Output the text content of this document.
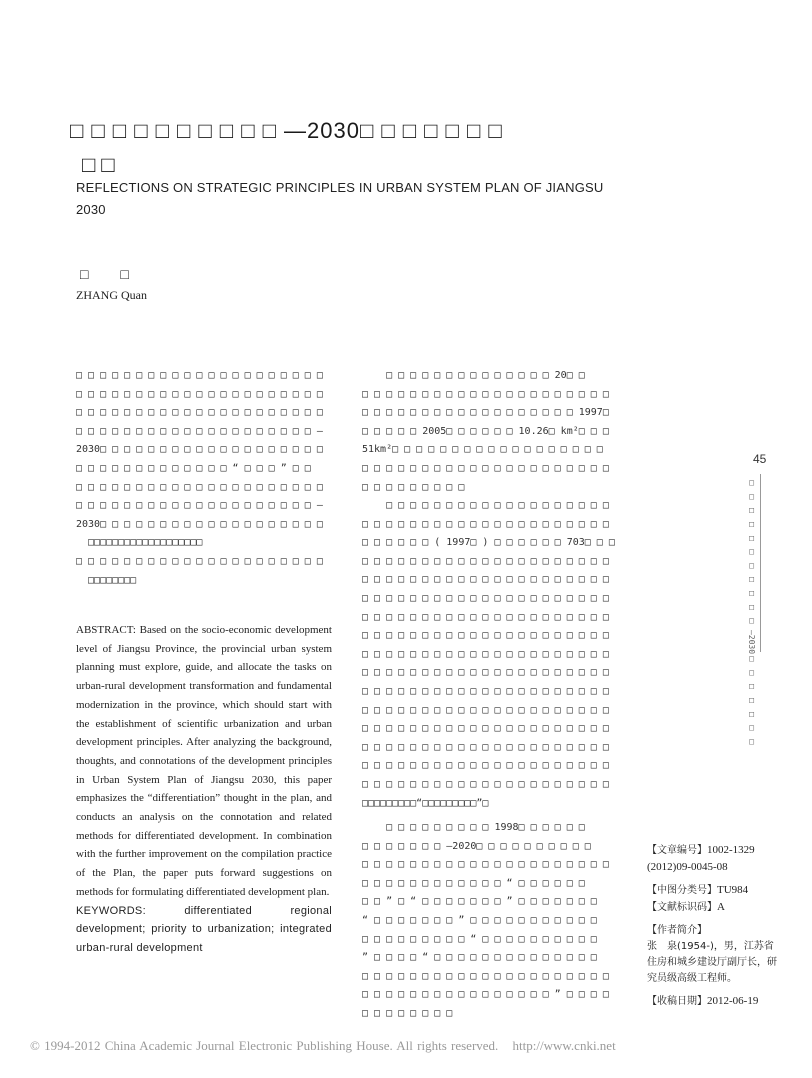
□ □ □ □ □ □ □ □ □ □ —2030□ □ □ □ □ □ □
□□
REFLECTIONS ON STRATEGIC PRINCIPLES IN URBAN SYSTEM PLAN OF JIANGSU 2030
□ □
ZHANG Quan
□ □ □ □ □ □ □ □ □ □ □ □ □ □ □ □ □ □ □ □ □
□ □ □ □ □ □ □ □ □ □ □ □ □ □ □ □ □ □ □ □ □
□ □ □ □ □ □ □ □ □ □ □ □ □ □ □ □ □ □ □ □ □
□ □ □ □ □ □ □ □ □ □ □ □ □ □ □ □ □ □ □ □ —
2030□ □ □ □ □ □ □ □ □ □ □ □ □ □ □ □ □ □ □
□ □ □ □ □ □ □ □ □ □ □ □ □ “ □ □ □ ” □ □
□ □ □ □ □ □ □ □ □ □ □ □ □ □ □ □ □ □ □ □ □
□ □ □ □ □ □ □ □ □ □ □ □ □ □ □ □ □ □ □ □ —
2030□ □ □ □ □ □ □ □ □ □ □ □ □ □ □ □ □ □ □
□□□□□□□□□□□□□□□□□□□
□ □ □ □ □ □ □ □ □ □ □ □ □ □ □ □ □ □ □ □ □
□□□□□□□□

ABSTRACT: Based on the socio-economic development level of Jiangsu Province, the provincial urban system planning must explore, guide, and allocate the tasks on urban-rural development transformation and fundamental modernization in the province, which should start with the establishment of scientific urbanization and urban development principles. After analyzing the background, thoughts, and connotations of the development principles in Urban System Plan of Jiangsu 2030, this paper emphasizes the “differentiation” thought in the plan, and conducts an analysis on the connotation and related methods for differentiated development. In combination with the further improvement on the compilation practice of the Plan, the paper puts forward suggestions on methods for formulating differentiated development plan.

KEYWORDS: differentiated regional development; priority to urbanization; integrated urban-rural development

□ □ □ □ □ □ □ □ □ □ □ □ □ □ 20□ □
□ □ □ □ □ □ □ □ □ □ □ □ □ □ □ □ □ □ □ □ □
□ □ □ □ □ □ □ □ □ □ □ □ □ □ □ □ □ □ 1997□
□ □ □ □ □ 2005□ □ □ □ □ □ 10.26□ km²□ □ □
51km²□ □ □ □ □ □ □ □ □ □ □ □ □ □ □ □ □ □
□ □ □ □ □ □ □ □ □ □ □ □ □ □ □ □ □ □ □ □ □
□ □ □ □ □ □ □ □ □
□ □ □ □ □ □ □ □ □ □ □ □ □ □ □ □ □ □ □
□ □ □ □ □ □ □ □ □ □ □ □ □ □ □ □ □ □ □ □ □
□ □ □ □ □ □ ( 1997□ ) □ □ □ □ □ □ 703□ □ □
□ □ □ □ □ □ □ □ □ □ □ □ □ □ □ □ □ □ □ □ □
□ □ □ □ □ □ □ □ □ □ □ □ □ □ □ □ □ □ □ □ □
□ □ □ □ □ □ □ □ □ □ □ □ □ □ □ □ □ □ □ □ □
□ □ □ □ □ □ □ □ □ □ □ □ □ □ □ □ □ □ □ □ □
□ □ □ □ □ □ □ □ □ □ □ □ □ □ □ □ □ □ □ □ □
□ □ □ □ □ □ □ □ □ □ □ □ □ □ □ □ □ □ □ □ □
□ □ □ □ □ □ □ □ □ □ □ □ □ □ □ □ □ □ □ □ □
□ □ □ □ □ □ □ □ □ □ □ □ □ □ □ □ □ □ □ □ □
□ □ □ □ □ □ □ □ □ □ □ □ □ □ □ □ □ □ □ □ □
□ □ □ □ □ □ □ □ □ □ □ □ □ □ □ □ □ □ □ □ □
□ □ □ □ □ □ □ □ □ □ □ □ □ □ □ □ □ □ □ □ □
□ □ □ □ □ □ □ □ □ □ □ □ □ □ □ □ □ □ □ □ □
□ □ □ □ □ □ □ □ □ □ □ □ □ □ □ □ □ □ □ □ □
□□□□□□□□□“□□□□□□□□□”□
□ □ □ □ □ □ □ □ □ 1998□ □ □ □ □ □
□ □ □ □ □ □ □ —2020□ □ □ □ □ □ □ □ □ □
□ □ □ □ □ □ □ □ □ □ □ □ □ □ □ □ □ □ □ □ □
□ □ □ □ □ □ □ □ □ □ □ □ “ □ □ □ □ □ □
□ □ ” □ “ □ □ □ □ □ □ □ ” □ □ □ □ □ □ □
“ □ □ □ □ □ □ □ ” □ □ □ □ □ □ □ □ □ □ □
□ □ □ □ □ □ □ □ □ “ □ □ □ □ □ □ □ □ □ □
” □ □ □ □ “ □ □ □ □ □ □ □ □ □ □ □ □ □ □
□ □ □ □ □ □ □ □ □ □ □ □ □ □ □ □ □ □ □ □ □
□ □ □ □ □ □ □ □ □ □ □ □ □ □ □ □ ” □ □ □ □
□ □ □ □ □ □ □ □
45
□ □ □ □ □ □ □ □ □ □ □ —2030□ □ □ □ □ □ □
【文章编号】1002-1329 (2012)09-0045-08
【中图分类号】TU984
【文献标识码】A
【作者简介】
张　泉(1954-)，男，江苏省住房和城乡建设厅副厅长，研究员级高级工程师。
【收稿日期】2012-06-19
© 1994-2012 China Academic Journal Electronic Publishing House. All rights reserved. http://www.cnki.net
